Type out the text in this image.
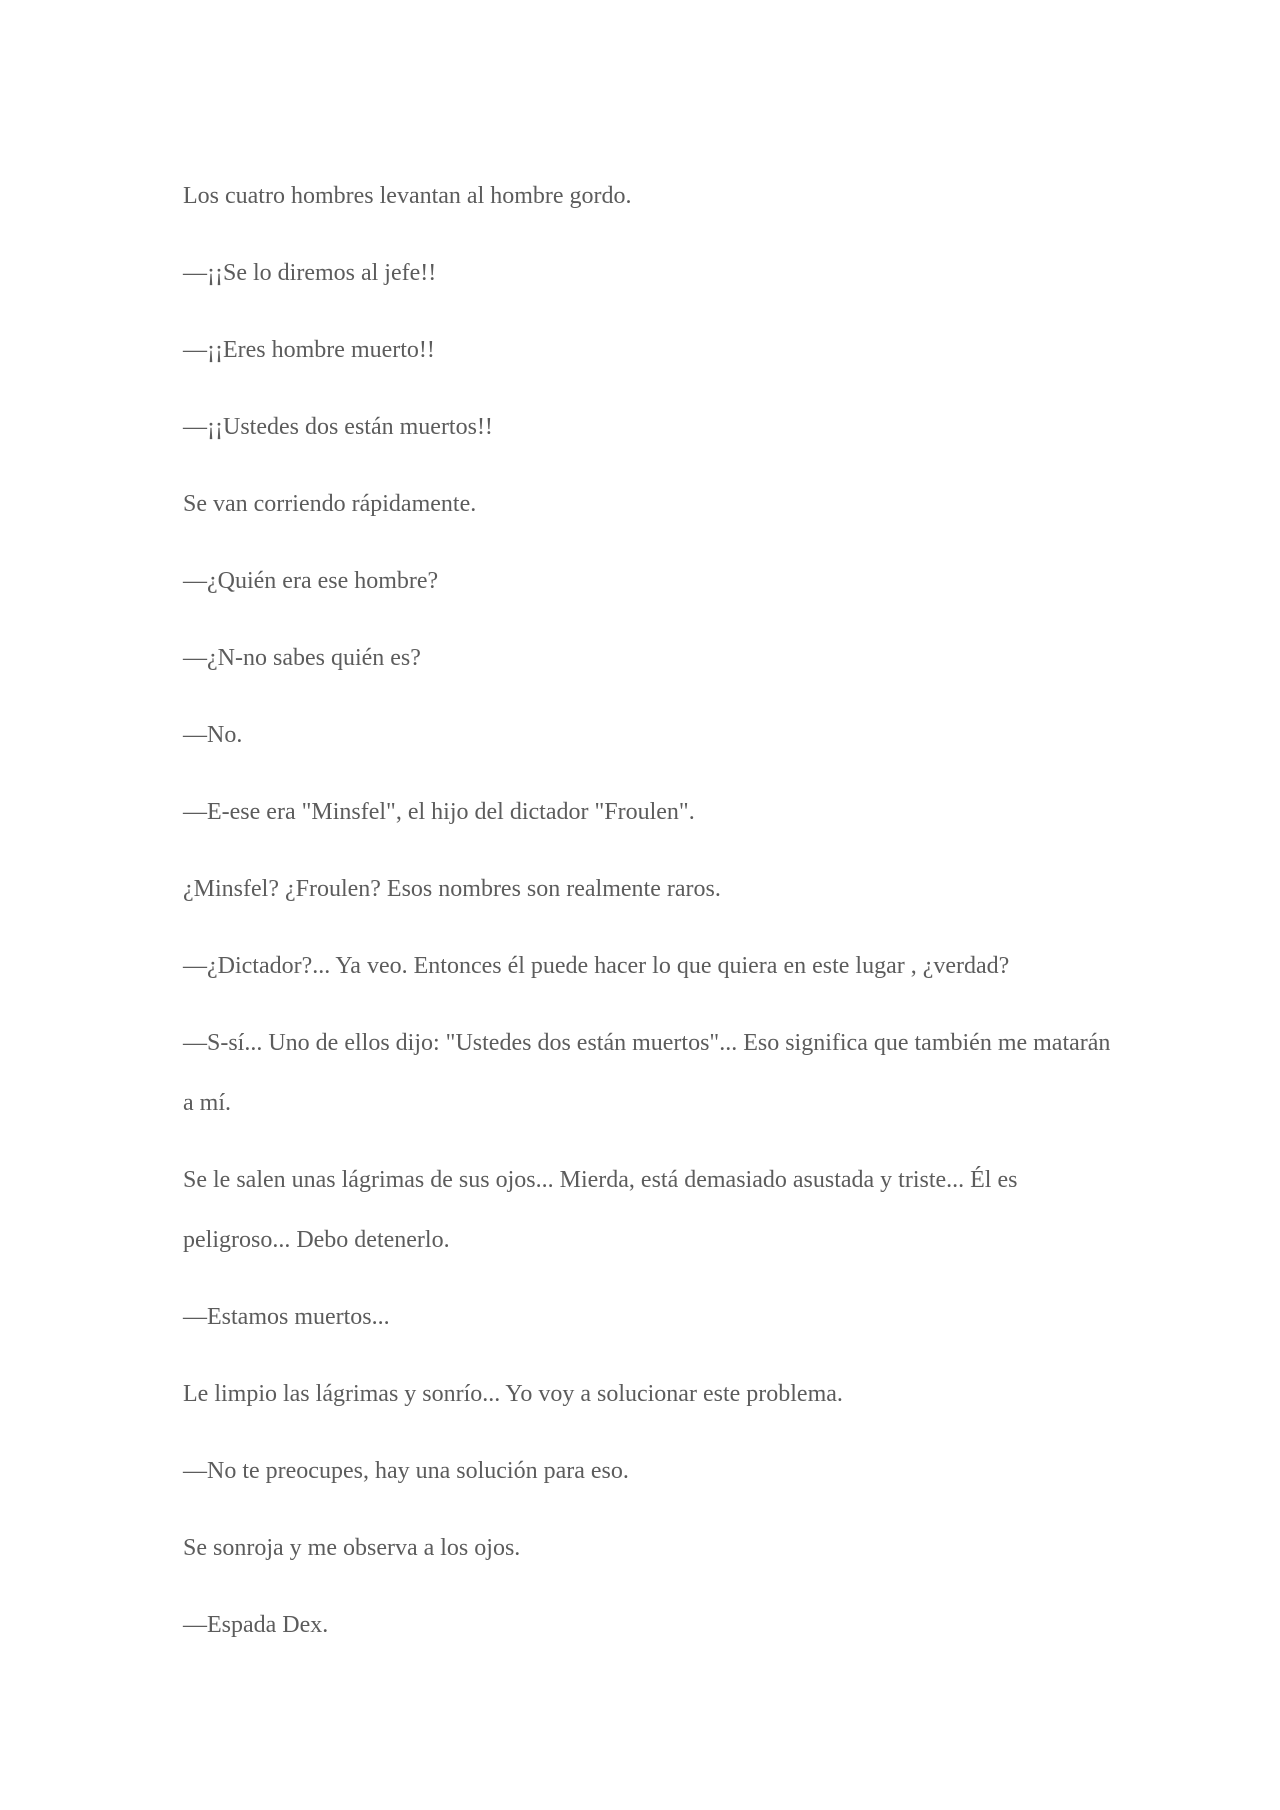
Los cuatro hombres levantan al hombre gordo.

—¡¡Se lo diremos al jefe!!

—¡¡Eres hombre muerto!!

—¡¡Ustedes dos están muertos!!

Se van corriendo rápidamente.

—¿Quién era ese hombre?

—¿N-no sabes quién es?

—No.

—E-ese era "Minsfel", el hijo del dictador "Froulen".

¿Minsfel? ¿Froulen? Esos nombres son realmente raros.

—¿Dictador?... Ya veo. Entonces él puede hacer lo que quiera en este lugar , ¿verdad?

—S-sí... Uno de ellos dijo: "Ustedes dos están muertos"... Eso significa que también me matarán a mí.

Se le salen unas lágrimas de sus ojos... Mierda, está demasiado asustada y triste... Él es peligroso... Debo detenerlo.

—Estamos muertos...

Le limpio las lágrimas y sonrío... Yo voy a solucionar este problema.

—No te preocupes, hay una solución para eso.

Se sonroja y me observa a los ojos.

—Espada Dex.
